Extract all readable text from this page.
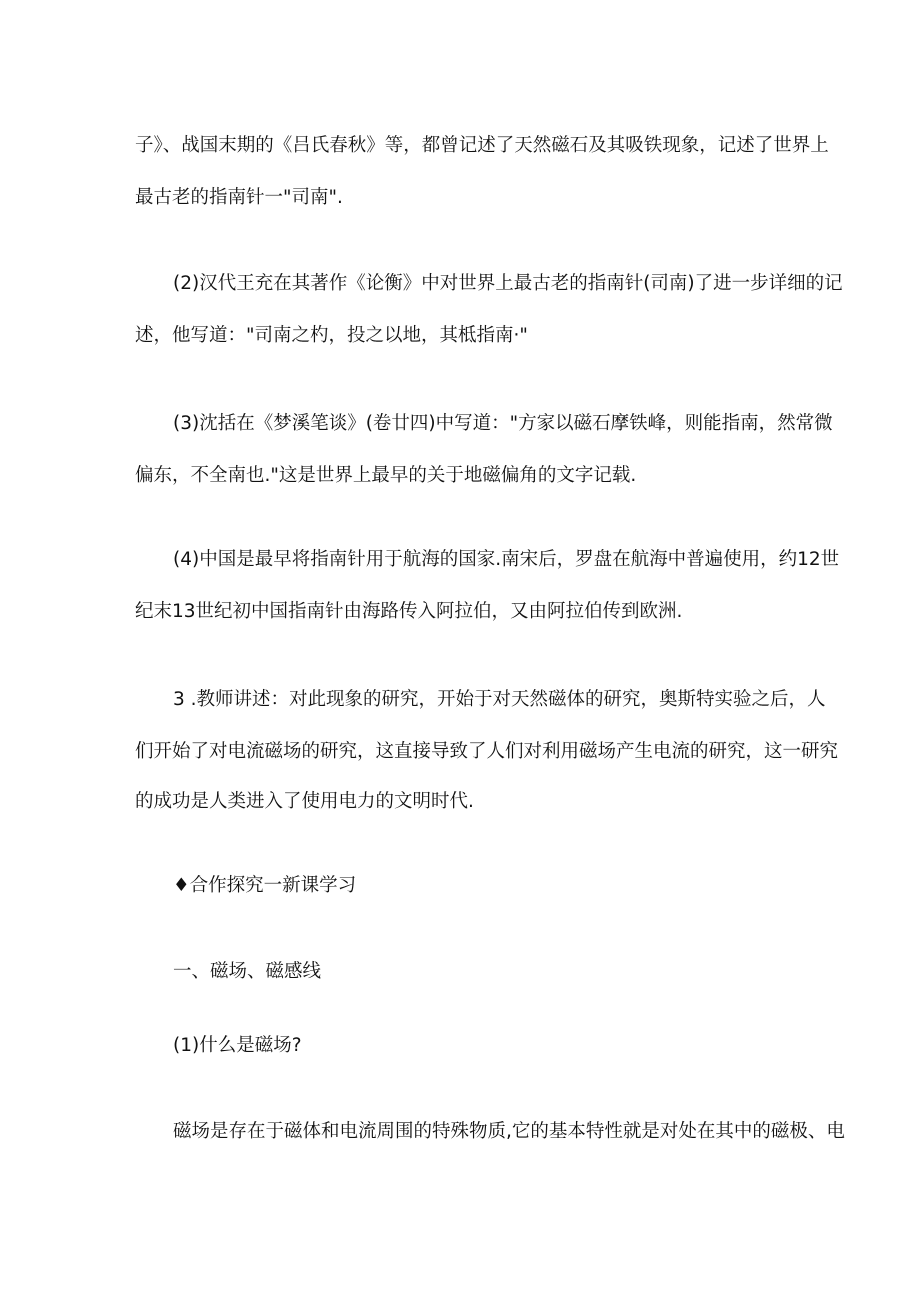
子》、战国末期的《吕氏春秋》等，都曾记述了天然磁石及其吸铁现象，记述了世界上
最古老的指南针一"司南".
(2)汉代王充在其著作《论衡》中对世界上最古老的指南针(司南)了进一步详细的记
述，他写道："司南之杓，投之以地，其柢指南·"
(3)沈括在《梦溪笔谈》(卷廿四)中写道："方家以磁石摩铁峰，则能指南，然常微
偏东，不全南也."这是世界上最早的关于地磁偏角的文字记载.
(4)中国是最早将指南针用于航海的国家.南宋后，罗盘在航海中普遍使用，约12世
纪末13世纪初中国指南针由海路传入阿拉伯，又由阿拉伯传到欧洲.
3 .教师讲述：对此现象的研究，开始于对天然磁体的研究，奥斯特实验之后，人
们开始了对电流磁场的研究，这直接导致了人们对利用磁场产生电流的研究，这一研究
的成功是人类进入了使用电力的文明时代.
♦合作探究一新课学习
一、磁场、磁感线
(1)什么是磁场?
磁场是存在于磁体和电流周围的特殊物质,它的基本特性就是对处在其中的磁极、电
